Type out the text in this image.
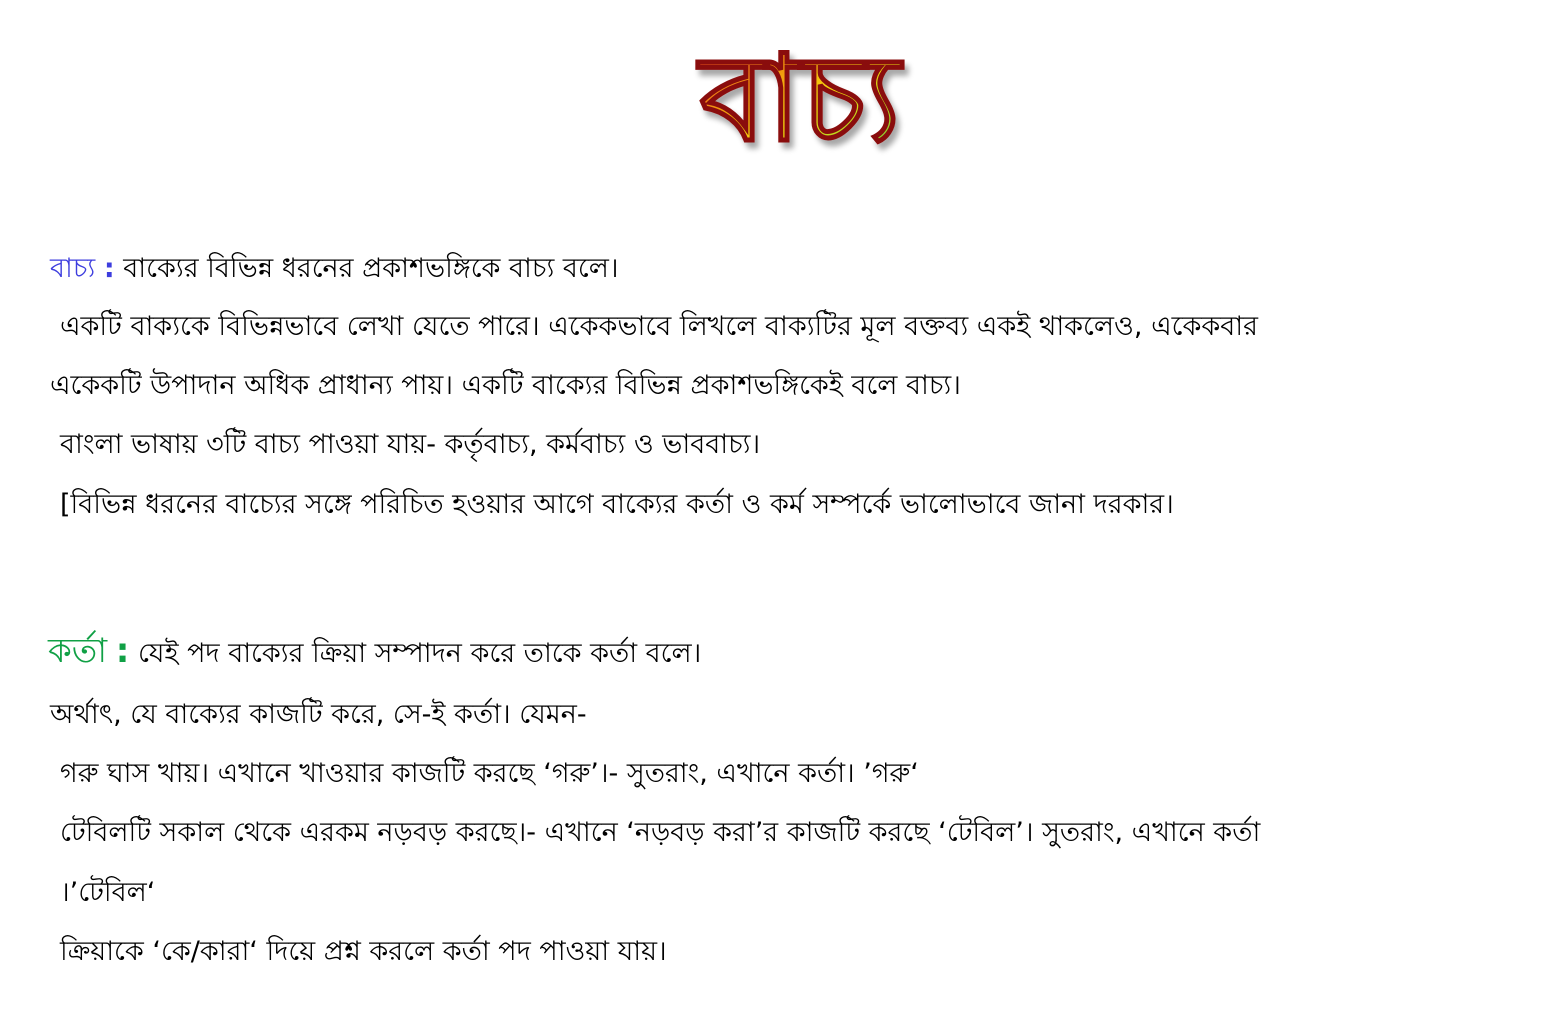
বাচ্য
বাচ্য : বাক্যের বিভিন্ন ধরনের প্রকাশভঙ্গিকে বাচ্য বলে।
একটি বাক্যকে বিভিন্নভাবে লেখা যেতে পারে। একেকভাবে লিখলে বাক্যটির মূল বক্তব্য একই থাকলেও, একেকবার
একেকটি উপাদান অধিক প্রাধান্য পায়। একটি বাক্যের বিভিন্ন প্রকাশভঙ্গিকেই বলে বাচ্য।
বাংলা ভাষায় ৩টি বাচ্য পাওয়া যায়- কর্তৃবাচ্য, কর্মবাচ্য ও ভাববাচ্য।
[বিভিন্ন ধরনের বাচ্যের সঙ্গে পরিচিত হওয়ার আগে বাক্যের কর্তা ও কর্ম সম্পর্কে ভালোভাবে জানা দরকার।
কর্তা : যেই পদ বাক্যের ক্রিয়া সম্পাদন করে তাকে কর্তা বলে।
অর্থাৎ, যে বাক্যের কাজটি করে, সে-ই কর্তা। যেমন-
গরু ঘাস খায়। এখানে খাওয়ার কাজটি করছে ‘গরু’।- সুতরাং, এখানে কর্তা। ’গরু‘
টেবিলটি সকাল থেকে এরকম নড়বড় করছে।- এখানে ‘নড়বড় করা’র কাজটি করছে ‘টেবিল’। সুতরাং, এখানে কর্তা
।’টেবিল‘
ক্রিয়াকে ‘কে/কারা‘ দিয়ে প্রশ্ন করলে কর্তা পদ পাওয়া যায়।
